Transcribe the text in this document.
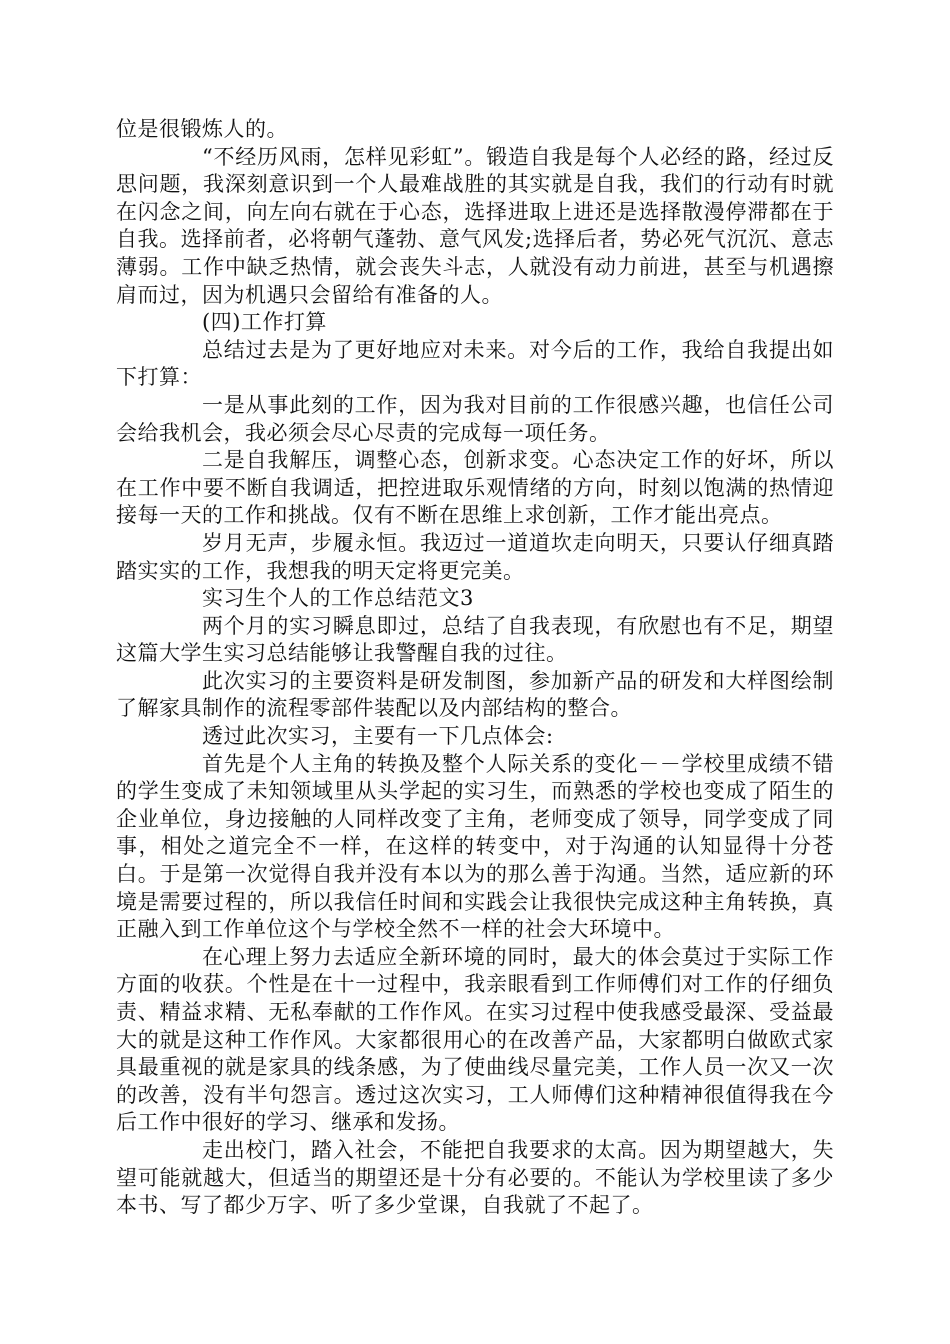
位是很锻炼人的。

“不经历风雨，怎样见彩虹”。锻造自我是每个人必经的路，经过反思问题，我深刻意识到一个人最难战胜的其实就是自我，我们的行动有时就在闪念之间，向左向右就在于心态，选择进取上进还是选择散漫停滞都在于自我。选择前者，必将朝气蓬勃、意气风发;选择后者，势必死气沉沉、意志薄弱。工作中缺乏热情，就会丧失斗志，人就没有动力前进，甚至与机遇擦肩而过，因为机遇只会留给有准备的人。

(四)工作打算

总结过去是为了更好地应对未来。对今后的工作，我给自我提出如下打算：

一是从事此刻的工作，因为我对目前的工作很感兴趣，也信任公司会给我机会，我必须会尽心尽责的完成每一项任务。

二是自我解压，调整心态，创新求变。心态决定工作的好坏，所以在工作中要不断自我调适，把控进取乐观情绪的方向，时刻以饱满的热情迎接每一天的工作和挑战。仅有不断在思维上求创新，工作才能出亮点。

岁月无声，步履永恒。我迈过一道道坎走向明天，只要认仔细真踏踏实实的工作，我想我的明天定将更完美。

实习生个人的工作总结范文3

两个月的实习瞬息即过，总结了自我表现，有欣慰也有不足，期望这篇大学生实习总结能够让我警醒自我的过往。

此次实习的主要资料是研发制图，参加新产品的研发和大样图绘制了解家具制作的流程零部件装配以及内部结构的整合。

透过此次实习，主要有一下几点体会:

首先是个人主角的转换及整个人际关系的变化－－学校里成绩不错的学生变成了未知领域里从头学起的实习生，而熟悉的学校也变成了陌生的企业单位，身边接触的人同样改变了主角，老师变成了领导，同学变成了同事，相处之道完全不一样，在这样的转变中，对于沟通的认知显得十分苍白。于是第一次觉得自我并没有本以为的那么善于沟通。当然，适应新的环境是需要过程的，所以我信任时间和实践会让我很快完成这种主角转换，真正融入到工作单位这个与学校全然不一样的社会大环境中。

在心理上努力去适应全新环境的同时，最大的体会莫过于实际工作方面的收获。个性是在十一过程中，我亲眼看到工作师傅们对工作的仔细负责、精益求精、无私奉献的工作作风。在实习过程中使我感受最深、受益最大的就是这种工作作风。大家都很用心的在改善产品，大家都明白做欧式家具最重视的就是家具的线条感，为了使曲线尽量完美，工作人员一次又一次的改善，没有半句怨言。透过这次实习，工人师傅们这种精神很值得我在今后工作中很好的学习、继承和发扬。

走出校门，踏入社会，不能把自我要求的太高。因为期望越大，失望可能就越大，但适当的期望还是十分有必要的。不能认为学校里读了多少本书、写了都少万字、听了多少堂课，自我就了不起了。
